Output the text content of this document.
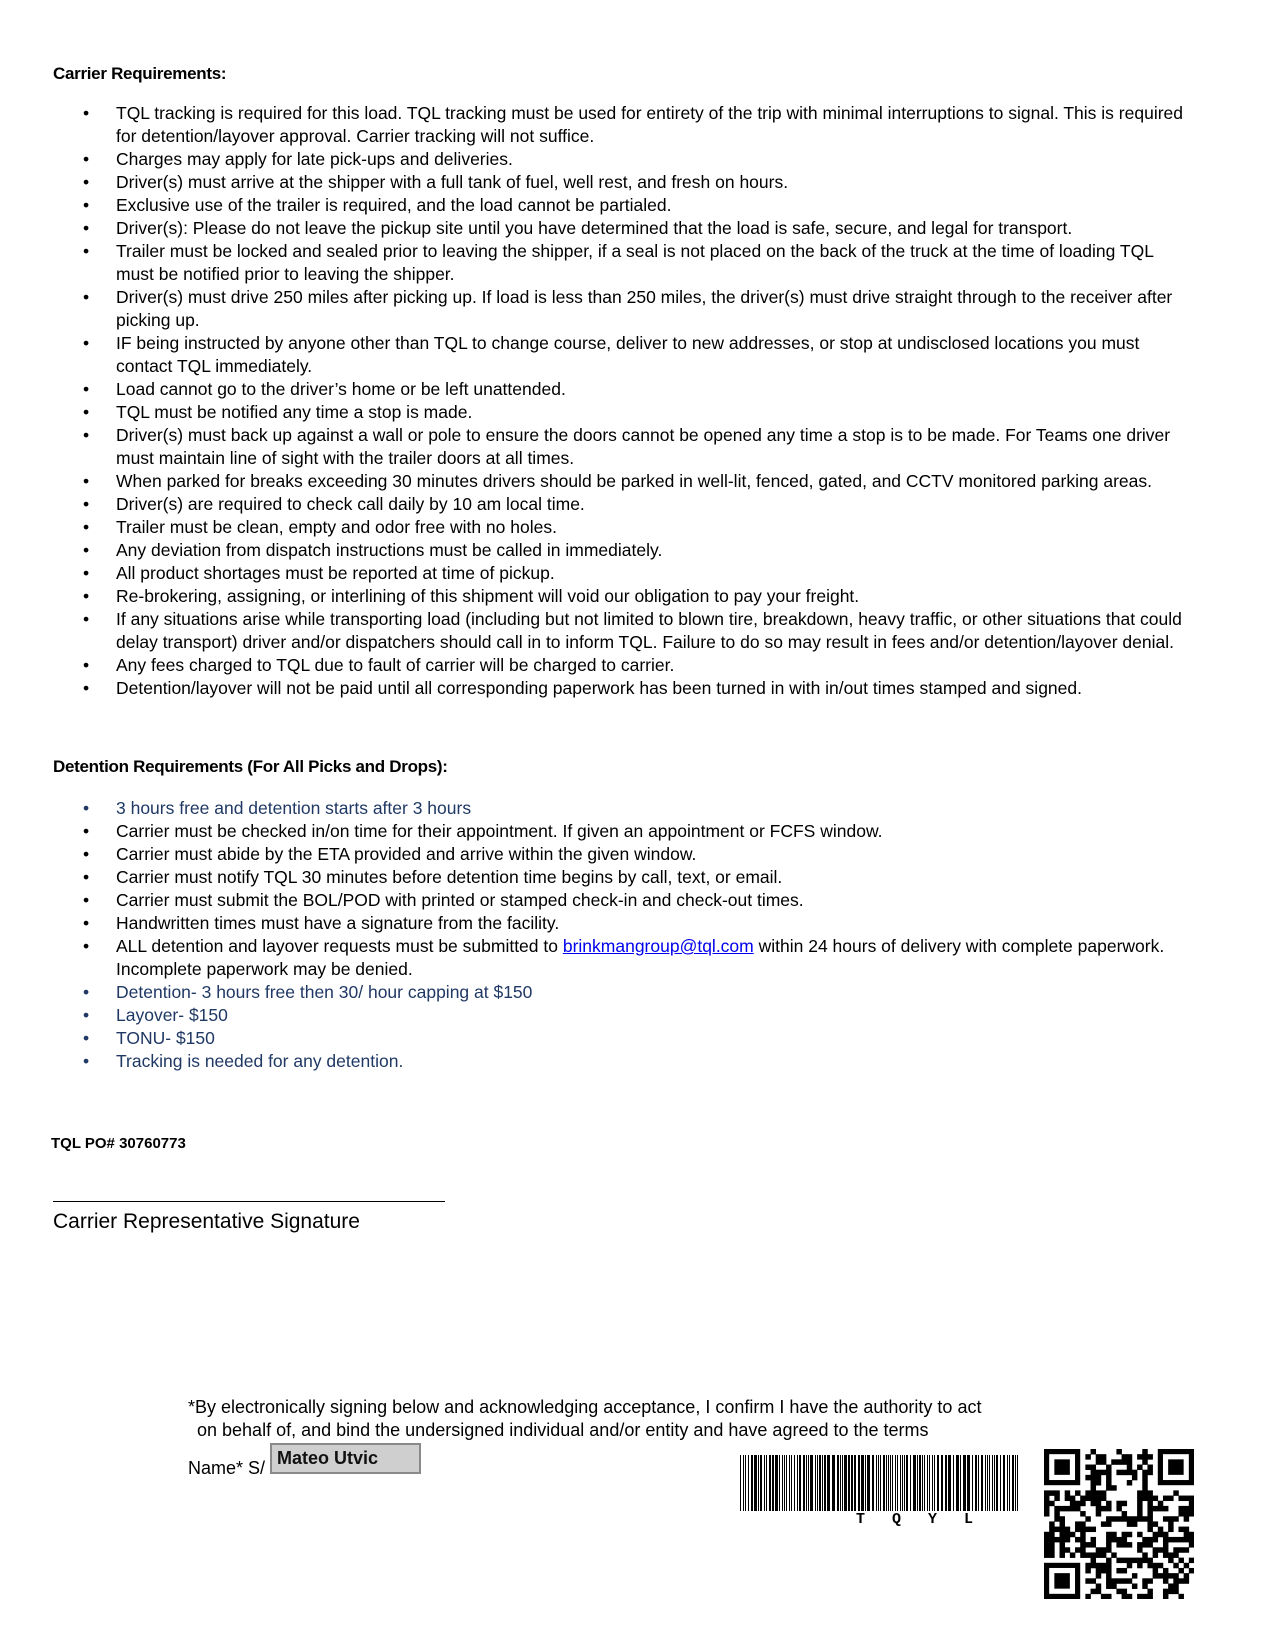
Carrier Requirements:
• TQL tracking is required for this load. TQL tracking must be used for entirety of the trip with minimal interruptions to signal. This is required for detention/layover approval. Carrier tracking will not suffice.
• Charges may apply for late pick-ups and deliveries.
• Driver(s) must arrive at the shipper with a full tank of fuel, well rest, and fresh on hours.
• Exclusive use of the trailer is required, and the load cannot be partialed.
• Driver(s): Please do not leave the pickup site until you have determined that the load is safe, secure, and legal for transport.
• Trailer must be locked and sealed prior to leaving the shipper, if a seal is not placed on the back of the truck at the time of loading TQL must be notified prior to leaving the shipper.
• Driver(s) must drive 250 miles after picking up. If load is less than 250 miles, the driver(s) must drive straight through to the receiver after picking up.
• IF being instructed by anyone other than TQL to change course, deliver to new addresses, or stop at undisclosed locations you must contact TQL immediately.
• Load cannot go to the driver’s home or be left unattended.
• TQL must be notified any time a stop is made.
• Driver(s) must back up against a wall or pole to ensure the doors cannot be opened any time a stop is to be made. For Teams one driver must maintain line of sight with the trailer doors at all times.
• When parked for breaks exceeding 30 minutes drivers should be parked in well-lit, fenced, gated, and CCTV monitored parking areas.
• Driver(s) are required to check call daily by 10 am local time.
• Trailer must be clean, empty and odor free with no holes.
• Any deviation from dispatch instructions must be called in immediately.
• All product shortages must be reported at time of pickup.
• Re-brokering, assigning, or interlining of this shipment will void our obligation to pay your freight.
• If any situations arise while transporting load (including but not limited to blown tire, breakdown, heavy traffic, or other situations that could delay transport) driver and/or dispatchers should call in to inform TQL. Failure to do so may result in fees and/or detention/layover denial.
• Any fees charged to TQL due to fault of carrier will be charged to carrier.
• Detention/layover will not be paid until all corresponding paperwork has been turned in with in/out times stamped and signed.
Detention Requirements (For All Picks and Drops):
• 3 hours free and detention starts after 3 hours
• Carrier must be checked in/on time for their appointment. If given an appointment or FCFS window.
• Carrier must abide by the ETA provided and arrive within the given window.
• Carrier must notify TQL 30 minutes before detention time begins by call, text, or email.
• Carrier must submit the BOL/POD with printed or stamped check-in and check-out times.
• Handwritten times must have a signature from the facility.
• ALL detention and layover requests must be submitted to brinkmangroup@tql.com within 24 hours of delivery with complete paperwork. Incomplete paperwork may be denied.
• Detention- 3 hours free then 30/ hour capping at $150
• Layover- $150
• TONU- $150
• Tracking is needed for any detention.
TQL PO# 30760773
Carrier Representative Signature
*By electronically signing below and acknowledging acceptance, I confirm I have the authority to act
on behalf of, and bind the undersigned individual and/or entity and have agreed to the terms
Name* S/ Mateo Utvic
T Q Y L
